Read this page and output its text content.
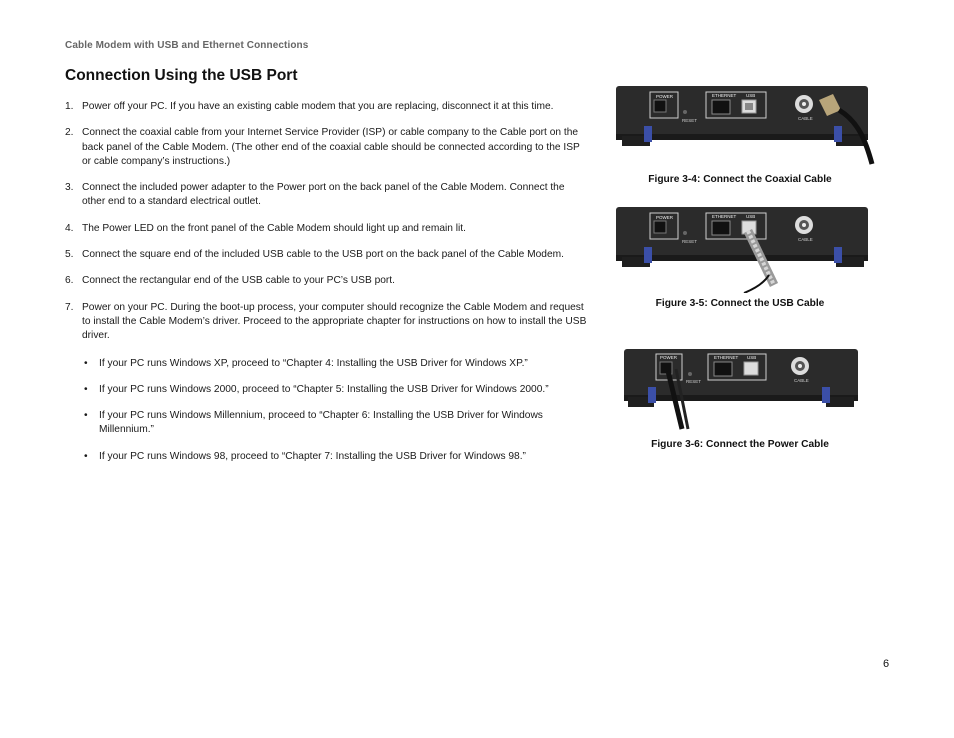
Cable Modem with USB and Ethernet Connections
Connection Using the USB Port
1. Power off your PC. If you have an existing cable modem that you are replacing, disconnect it at this time.
2. Connect the coaxial cable from your Internet Service Provider (ISP) or cable company to the Cable port on the back panel of the Cable Modem. (The other end of the coaxial cable should be connected according to the ISP or cable company’s instructions.)
3. Connect the included power adapter to the Power port on the back panel of the Cable Modem. Connect the other end to a standard electrical outlet.
4. The Power LED on the front panel of the Cable Modem should light up and remain lit.
5. Connect the square end of the included USB cable to the USB port on the back panel of the Cable Modem.
6. Connect the rectangular end of the USB cable to your PC’s USB port.
7. Power on your PC. During the boot-up process, your computer should recognize the Cable Modem and request to install the Cable Modem’s driver. Proceed to the appropriate chapter for instructions on how to install the USB driver.
• If your PC runs Windows XP, proceed to “Chapter 4: Installing the USB Driver for Windows XP.”
• If your PC runs Windows 2000, proceed to “Chapter 5: Installing the USB Driver for Windows 2000.”
• If your PC runs Windows Millennium, proceed to “Chapter 6: Installing the USB Driver for Windows Millennium.”
• If your PC runs Windows 98, proceed to “Chapter 7: Installing the USB Driver for Windows 98.”
POWER
RESET
ETHERNET USB
CABLE
Figure 3-4: Connect the Coaxial Cable
POWER
RESET
ETHERNET USB
CABLE
Figure 3-5: Connect the USB Cable
POWER
RESET
ETHERNET USB
CABLE
Figure 3-6: Connect the Power Cable
6
